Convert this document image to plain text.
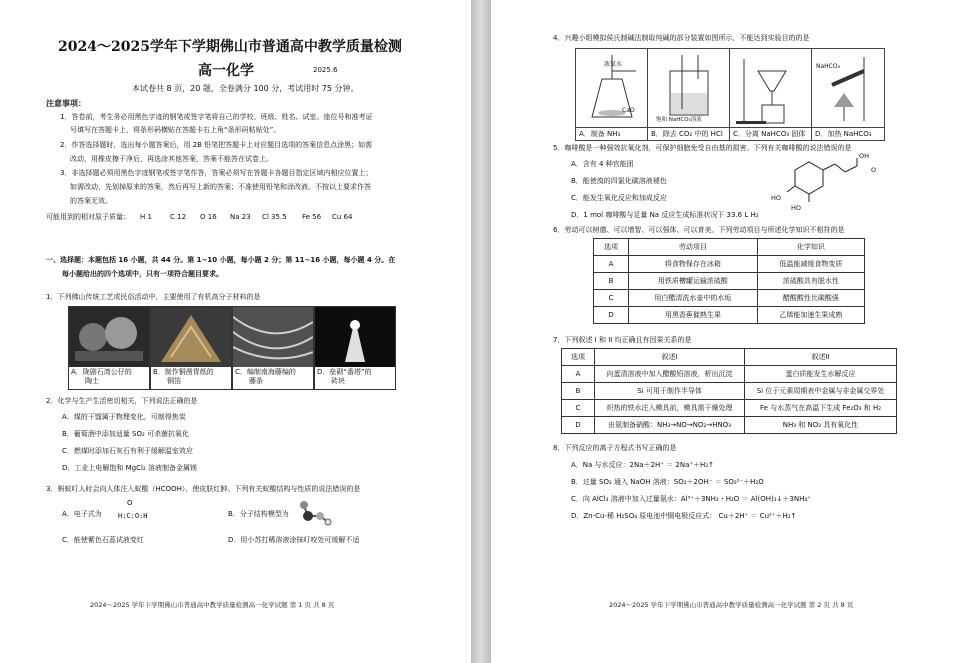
2024～2025学年下学期佛山市普通高中教学质量检测
高一化学	2025.6
本试卷共 8 页，20 题，全卷满分 100 分，考试用时 75 分钟。
注意事项：
1．答卷前，考生务必用黑色字迹的钢笔或签字笔将自己的学校、班级、姓名、试室、座位号和准考证
号填写在答题卡上，将条形码横贴在答题卡右上角“条形码粘贴处”。
2．作答选择题时，选出每小题答案后，用 2B 铅笔把答题卡上对应题目选项的答案信息点涂黑；如需
改动，用橡皮擦干净后，再选涂其他答案，答案不能答在试卷上。
3．非选择题必须用黑色字迹钢笔或签字笔作答，答案必须写在答题卡各题目指定区域内相应位置上；
如需改动，先划掉原来的答案，然后再写上新的答案；不准使用铅笔和涂改液。不按以上要求作答
的答案无效。
可能用到的相对原子质量： H 1	C 12 O 16 Na 23 Cl 35.5 Fe 56 Cu 64
一、选择题：本题包括 16 小题，共 44 分。第 1~10 小题，每小题 2 分；第 11~16 小题，每小题 4 分。在
每小题给出的四个选项中，只有一项符合题目要求。
1．下列佛山传统工艺或民俗活动中，主要使用了有机高分子材料的是
A．陇剧石湾公仔的
陶土
B．制作铜凿胃纸的
铜箔
C．编制南海藤编的
藤条
D．垒砌“番塔”的
砖块
2．化学与生产生活密切相关，下列说法正确的是
A．煤的干馏属于物理变化，可制得焦炭
B．葡萄酒中添加适量 SO₂ 可杀菌抗氧化
C．燃煤时添加石灰石有利于缓解温室效应
D．工业上电解饱和 MgCl₂ 溶液制备金属镁
3．蚂蚁叮人时会向人体注入蚁酸（HCOOH），使皮肤红肿。下列有关蚁酸结构与性质的说法错误的是
A．电子式为
O
H:C:O:H	B．分子结构模型为
C．能使紫色石蕊试液变红	D．用小苏打稀溶液涂抹叮咬处可缓解不适
2024～2025 学年下学期佛山市普通高中教学质量检测高一化学试题 第 1 页 共 8 页
4．兴趣小组模拟侯氏制碱法制取纯碱的部分装置如图所示，不能达到实验目的的是
浓氨水
CaO
A．制备 NH₃
饱和 NaHCO₃溶液
B．除去 CO₂ 中的 HCl	C．分离 NaHCO₃ 固体
NaHCO₃
D．加热 NaHCO₃
5．咖啡酸是一种强效抗氧化剂，可保护细胞免受自由基的损害。下列有关咖啡酸的说法错误的是
A．含有 4 种官能团
B．能使溴的四氯化碳溶液褪色
C．能发生氧化反应和加成反应
D．1 mol 咖啡酸与足量 Na 反应生成标准状况下 33.6 L H₂
OH
O
HO
HO
6．劳动可以树德、可以增智、可以强体、可以育美。下列劳动项目与所述化学知识不相符的是
选项	劳动项目	化学知识
A	将食物保存在冰箱	低温能减缓食物变质
B	用铁质槽罐运输浓硫酸	浓硫酸具有脱水性
C	用白醋清洗水壶中的水垢	醋酸酸性比碳酸强
D	用黑香蕉催熟生果	乙烯能加速生果成熟
7．下列叙述 I 和 II 均正确且有因果关系的是
选项	叙述I	叙述II
A	向蛋清溶液中加入醋酸铅溶液，析出沉淀	蛋白质能发生水解反应
B	Si 可用于制作半导体	Si 位于元素周期表中金属与非金属交界处
C	炽热的铁水注入模具前，模具需干燥处理	Fe 与水蒸气在高温下生成 Fe₂O₃ 和 H₂
D	由氨制备硝酸：NH₃→NO→NO₂→HNO₃	NH₃ 和 NO₂ 具有氧化性
8．下列反应的离子方程式书写正确的是
A．Na 与水反应：2Na＋2H⁺ ＝ 2Na⁺＋H₂↑
B．过量 SO₂ 通入 NaOH 溶液：SO₂＋2OH⁻ ＝ SO₃²⁻＋H₂O
C．向 AlCl₃ 溶液中加入过量氨水：Al³⁺＋3NH₃・H₂O ＝ Al(OH)₃↓＋3NH₄⁺
D．Zn-Cu-稀 H₂SO₄ 原电池中铜电极反应式： Cu＋2H⁺ ＝ Cu²⁺＋H₂↑
2024～2025 学年下学期佛山市普通高中教学质量检测高一化学试题 第 2 页 共 8 页
